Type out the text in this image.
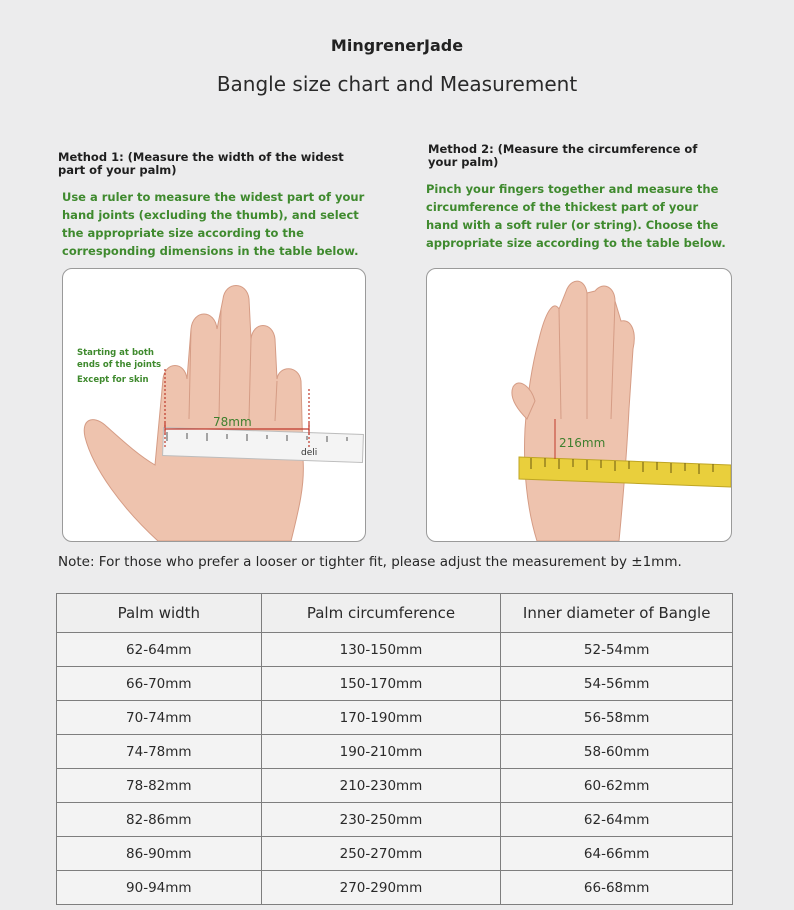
MingrenerJade
Bangle size chart and Measurement
Method 1: (Measure the width of the widest
part of your palm)
Use a ruler to measure the widest part of your
hand joints (excluding the thumb), and select
the appropriate size according to the
corresponding dimensions in the table below.
Method 2: (Measure the circumference of
your palm)
Pinch your fingers together and measure the
circumference of the thickest part of your
hand with a soft ruler (or string). Choose the
appropriate size according to the table below.
deli
78mm
Starting at both
ends of the joints
Except for skin
216mm
Note: For those who prefer a looser or tighter fit, please adjust the measurement by ±1mm.
Palm width	Palm circumference	Inner diameter of Bangle
62-64mm	130-150mm	52-54mm
66-70mm	150-170mm	54-56mm
70-74mm	170-190mm	56-58mm
74-78mm	190-210mm	58-60mm
78-82mm	210-230mm	60-62mm
82-86mm	230-250mm	62-64mm
86-90mm	250-270mm	64-66mm
90-94mm	270-290mm	66-68mm
